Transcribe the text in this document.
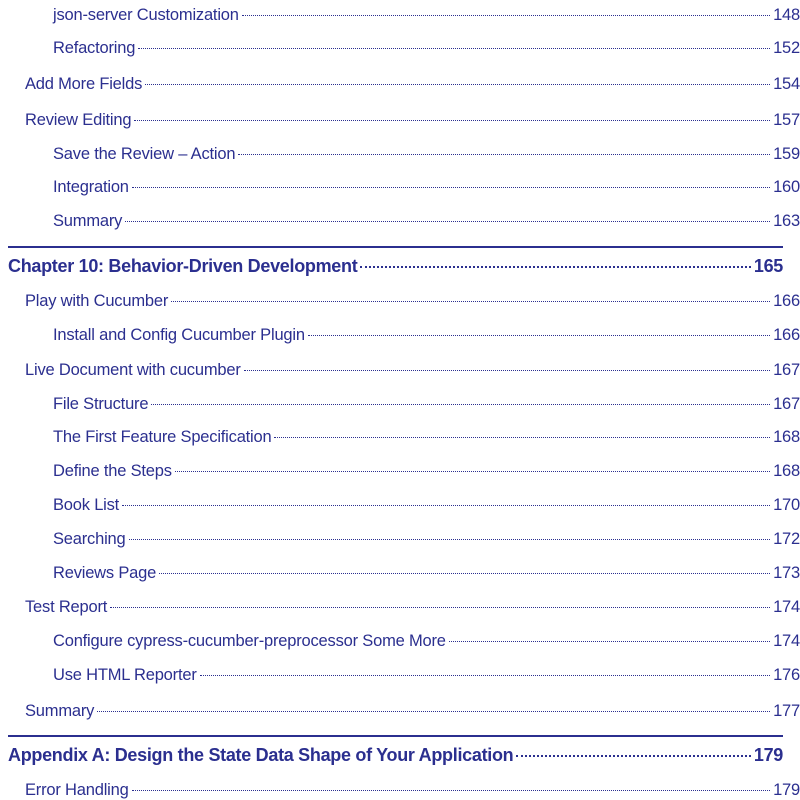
json-server Customization	148
Refactoring	152
Add More Fields	154
Review Editing	157
Save the Review – Action	159
Integration	160
Summary	163
Chapter 10: Behavior-Driven Development	165
Play with Cucumber	166
Install and Config Cucumber Plugin	166
Live Document with cucumber	167
File Structure	167
The First Feature Specification	168
Define the Steps	168
Book List	170
Searching	172
Reviews Page	173
Test Report	174
Configure cypress-cucumber-preprocessor Some More	174
Use HTML Reporter	176
Summary	177
Appendix A: Design the State Data Shape of Your Application	179
Error Handling	179
